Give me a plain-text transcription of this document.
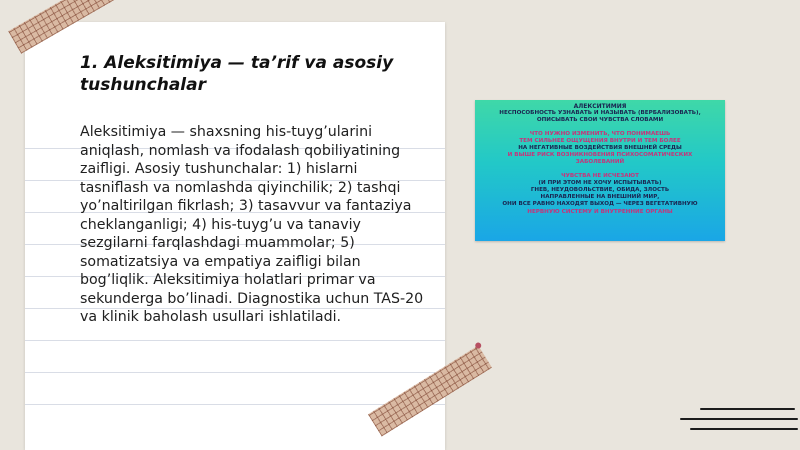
1. Aleksitimiya — ta’rif va asosiy tushunchalar

Aleksitimiya — shaxsning his-tuyg’ularini aniqlash, nomlash va ifodalash qobiliyatining zaifligi. Asosiy tushunchalar: 1) hislarni tasniflash va nomlashda qiyinchilik; 2) tashqi yo’naltirilgan fikrlash; 3) tasavvur va fantaziya cheklanganligi; 4) his-tuyg’u va tanaviy sezgilarni farqlashdagi muammolar; 5) somatizatsiya va empatiya zaifligi bilan bog’liqlik. Aleksitimiya holatlari primar va sekunderga bo’linadi. Diagnostika uchun TAS-20 va klinik baholash usullari ishlatiladi.

АЛЕКСИТИМИЯ

НЕСПОСОБНОСТЬ УЗНАВАТЬ И НАЗЫВАТЬ (ВЕРБАЛИЗОВАТЬ),

ОПИСЫВАТЬ СВОИ ЧУВСТВА СЛОВАМИ

ЧТО НУЖНО ИЗМЕНИТЬ, ЧТО ПОНИМАЕШЬ

ТЕМ СИЛЬНЕЕ ОЩУЩЕНИЯ ВНУТРИ И ТЕМ БОЛЕЕ

НА НЕГАТИВНЫЕ ВОЗДЕЙСТВИЯ ВНЕШНЕЙ СРЕДЫ

И ВЫШЕ РИСК ВОЗНИКНОВЕНИЯ ПСИХОСОМАТИЧЕСКИХ

ЗАБОЛЕВАНИЙ

ЧУВСТВА НЕ ИСЧЕЗАЮТ

(И ПРИ ЭТОМ НЕ ХОЧУ ИСПЫТЫВАТЬ)

ГНЕВ, НЕУДОВОЛЬСТВИЕ, ОБИДА, ЗЛОСТЬ

НАПРАВЛЕННЫЕ НА ВНЕШНИЙ МИР,

ОНИ ВСЕ РАВНО НАХОДЯТ ВЫХОД — ЧЕРЕЗ ВЕГЕТАТИВНУЮ

НЕРВНУЮ СИСТЕМУ И ВНУТРЕННИЕ ОРГАНЫ
